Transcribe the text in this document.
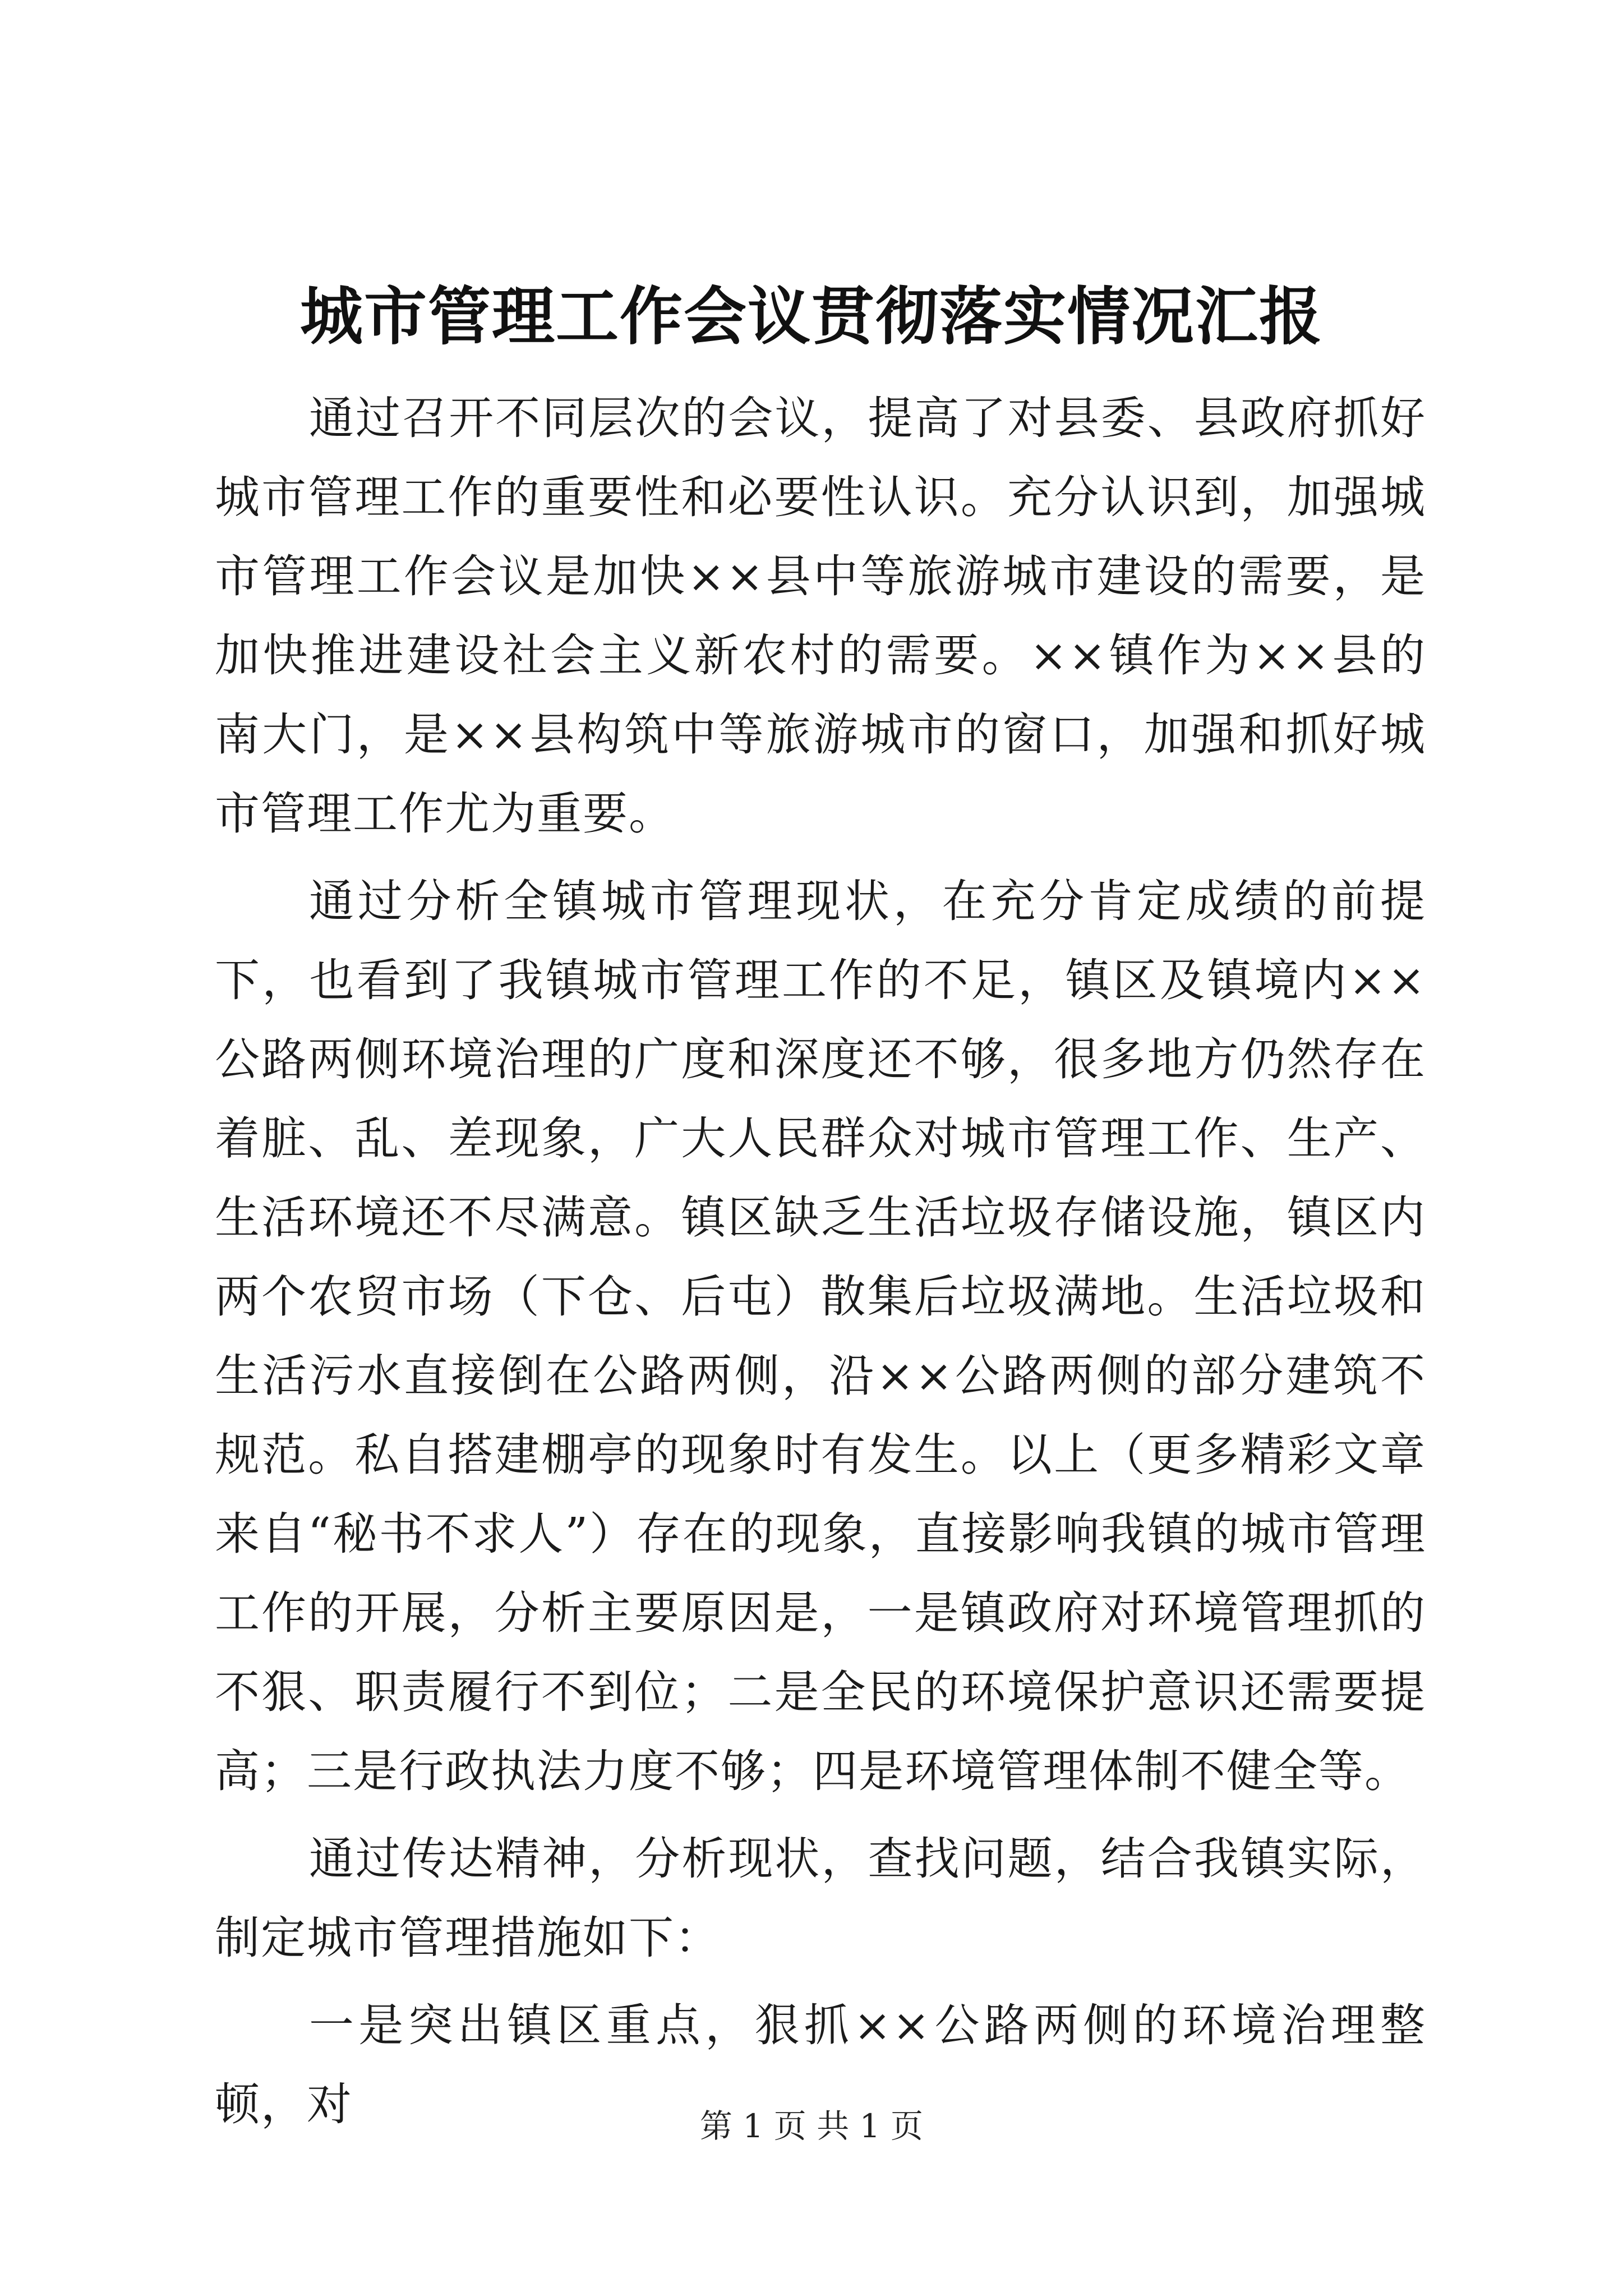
城市管理工作会议贯彻落实情况汇报

通过召开不同层次的会议，提高了对县委、县政府抓好城市管理工作的重要性和必要性认识。充分认识到，加强城市管理工作会议是加快××县中等旅游城市建设的需要，是加快推进建设社会主义新农村的需要。××镇作为××县的南大门，是××县构筑中等旅游城市的窗口，加强和抓好城市管理工作尤为重要。

通过分析全镇城市管理现状，在充分肯定成绩的前提下，也看到了我镇城市管理工作的不足，镇区及镇境内××公路两侧环境治理的广度和深度还不够，很多地方仍然存在着脏、乱、差现象，广大人民群众对城市管理工作、生产、生活环境还不尽满意。镇区缺乏生活垃圾存储设施，镇区内两个农贸市场（下仓、后屯）散集后垃圾满地。生活垃圾和生活污水直接倒在公路两侧，沿××公路两侧的部分建筑不规范。私自搭建棚亭的现象时有发生。以上（更多精彩文章来自“秘书不求人”）存在的现象，直接影响我镇的城市管理工作的开展，分析主要原因是，一是镇政府对环境管理抓的不狠、职责履行不到位；二是全民的环境保护意识还需要提高；三是行政执法力度不够；四是环境管理体制不健全等。

通过传达精神，分析现状，查找问题，结合我镇实际，制定城市管理措施如下：

一是突出镇区重点，狠抓××公路两侧的环境治理整顿，对	第 1 页 共 1 页
